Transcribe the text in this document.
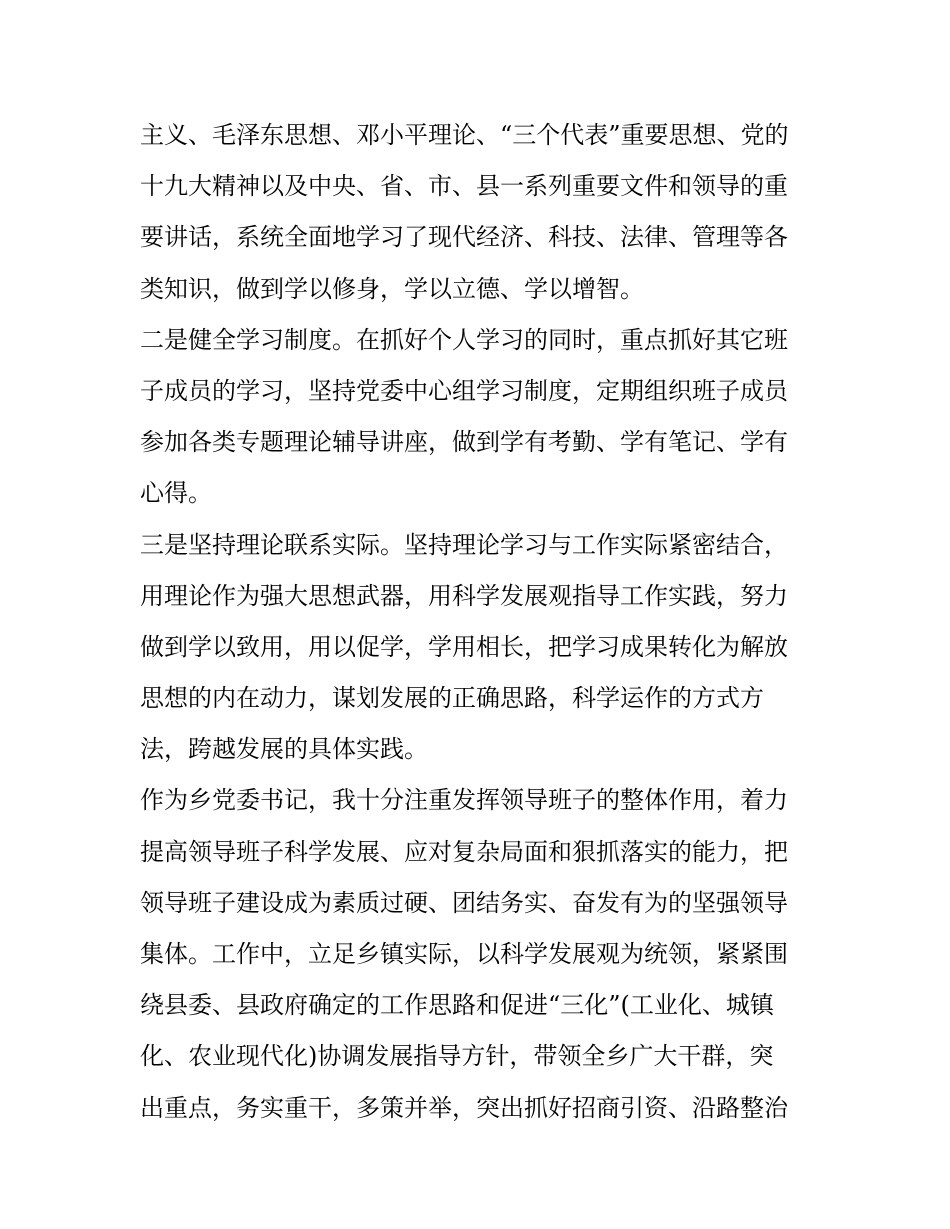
主义、毛泽东思想、邓小平理论、“三个代表”重要思想、党的
十九大精神以及中央、省、市、县一系列重要文件和领导的重
要讲话，系统全面地学习了现代经济、科技、法律、管理等各
类知识，做到学以修身，学以立德、学以增智。
二是健全学习制度。在抓好个人学习的同时，重点抓好其它班
子成员的学习，坚持党委中心组学习制度，定期组织班子成员
参加各类专题理论辅导讲座，做到学有考勤、学有笔记、学有
心得。
三是坚持理论联系实际。坚持理论学习与工作实际紧密结合，
用理论作为强大思想武器，用科学发展观指导工作实践，努力
做到学以致用，用以促学，学用相长，把学习成果转化为解放
思想的内在动力，谋划发展的正确思路，科学运作的方式方
法，跨越发展的具体实践。
作为乡党委书记，我十分注重发挥领导班子的整体作用，着力
提高领导班子科学发展、应对复杂局面和狠抓落实的能力，把
领导班子建设成为素质过硬、团结务实、奋发有为的坚强领导
集体。工作中，立足乡镇实际，以科学发展观为统领，紧紧围
绕县委、县政府确定的工作思路和促进“三化”(工业化、城镇
化、农业现代化)协调发展指导方针，带领全乡广大干群，突
出重点，务实重干，多策并举，突出抓好招商引资、沿路整治
